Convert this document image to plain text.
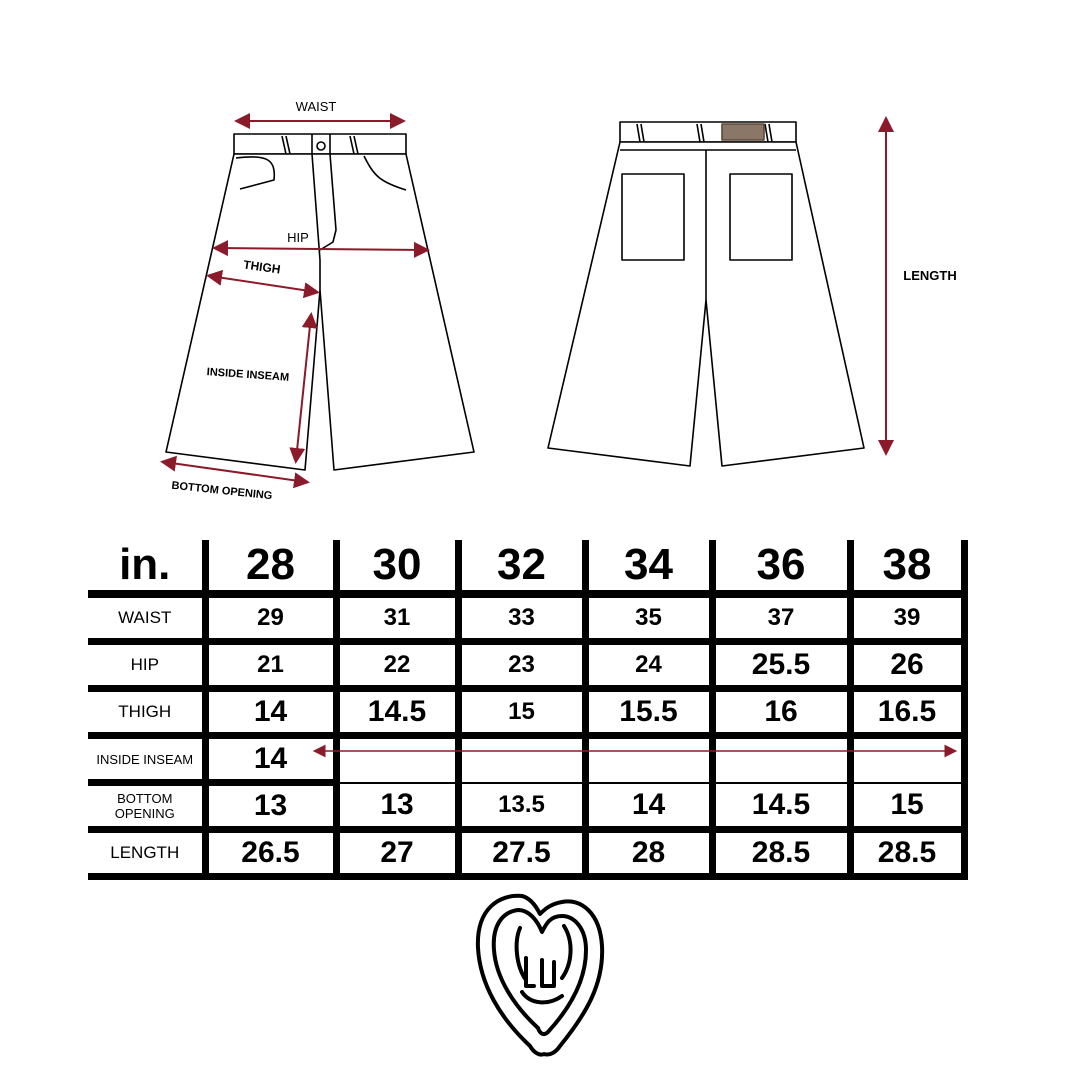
WAIST
HIP
THIGH
INSIDE INSEAM
BOTTOM OPENING
LENGTH
in.	28	30	32	34	36	38
WAIST	29	31	33	35	37	39
HIP	21	22	23	24	25.5	26
THIGH	14	14.5	15	15.5	16	16.5
INSIDE INSEAM	14					
BOTTOM OPENING	13	13	13.5	14	14.5	15
LENGTH	26.5	27	27.5	28	28.5	28.5
